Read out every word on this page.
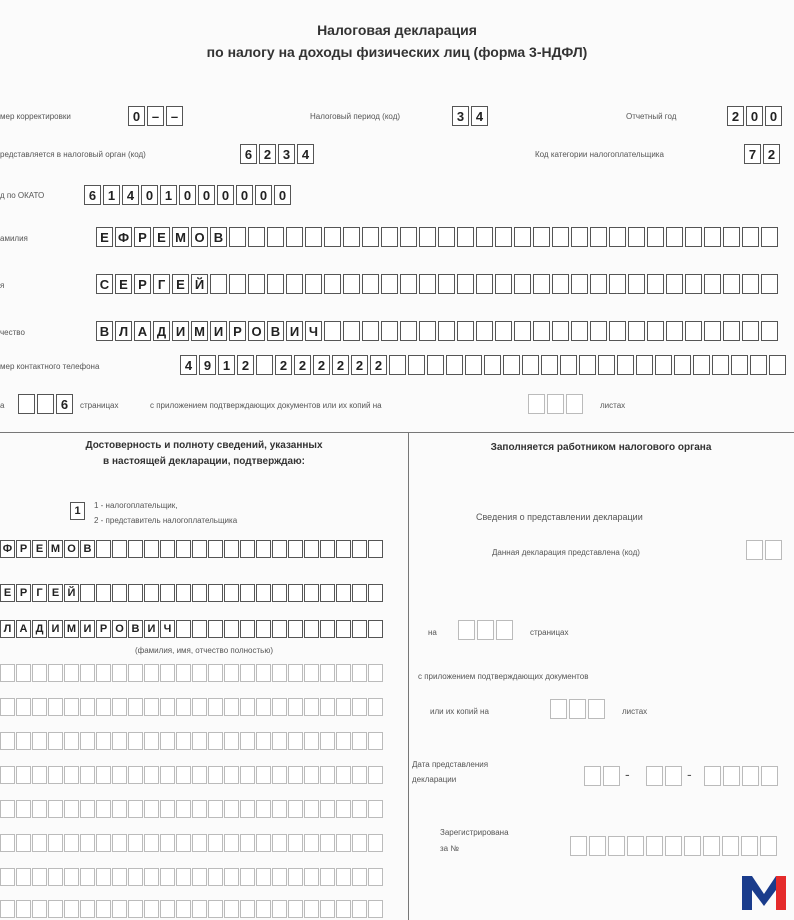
Налоговая декларация
по налогу на доходы физических лиц (форма 3-НДФЛ)
мер корректировки	0 – –	Налоговый период (код)	3 4	Отчетный год	2 0 0
редставляется в налоговый орган (код)	6 2 3 4	Код категории налогоплательщика	7 2
д по ОКАТО	6 1 4 0 1 0 0 0 0 0 0
амилия	Е Ф Р Е М О В
я	С Е Р Г Е Й
чество	В Л А Д И М И Р О В И Ч
мер контактного телефона	4 9 1 2	2 2 2 2 2 2
а	6	страницах	с приложением подтверждающих документов или их копий на	листах
Достоверность и полноту сведений, указанных
в настоящей декларации, подтверждаю:
1	1 - налогоплательщик,
2 - представитель налогоплательщика
Ф Р Е М О В
Е Р Г Е Й
Л А Д И М И Р О В И Ч
(фамилия, имя, отчество полностью)
Заполняется работником налогового органа
Сведения о представлении декларации
Данная декларация представлена (код)
на	страницах
с приложением подтверждающих документов
или их копий на	листах
Дата представления
декларации	-	-
Зарегистрирована
за №
